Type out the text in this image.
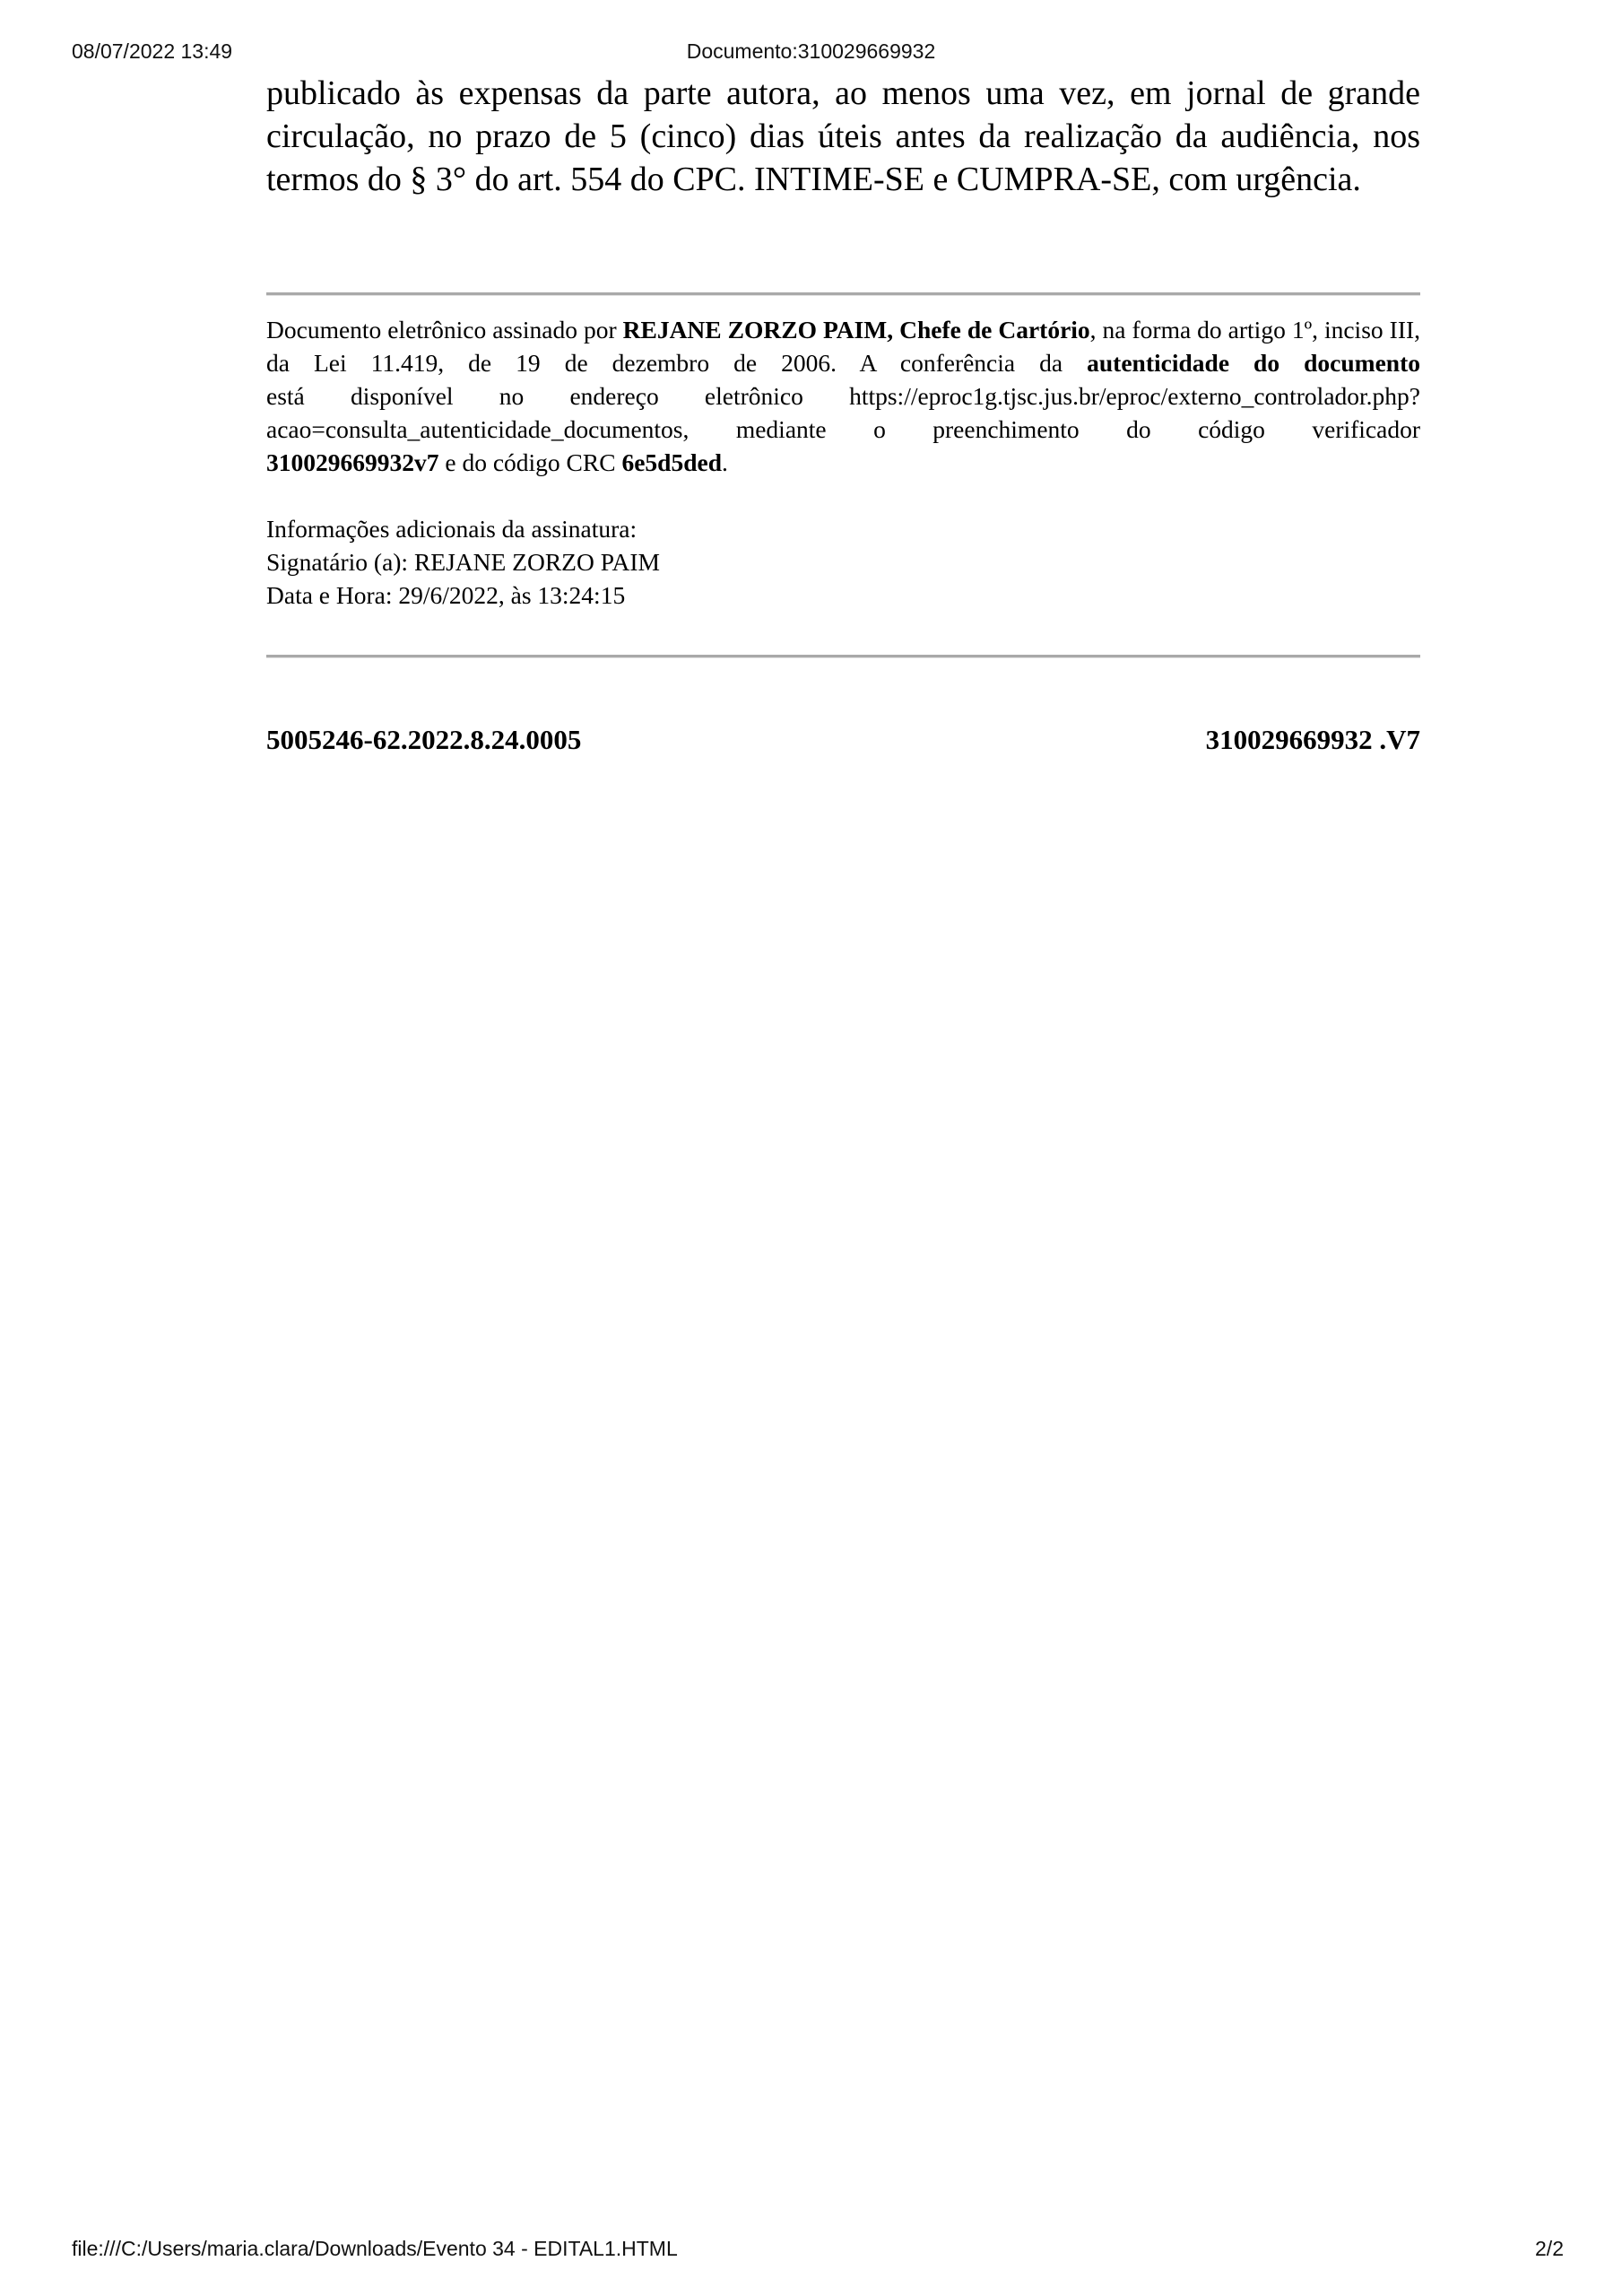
08/07/2022 13:49	Documento:310029669932

publicado às expensas da parte autora, ao menos uma vez, em jornal de grande circulação, no prazo de 5 (cinco) dias úteis antes da realização da audiência, nos termos do § 3° do art. 554 do CPC. INTIME-SE e CUMPRA-SE, com urgência.

Documento eletrônico assinado por REJANE ZORZO PAIM, Chefe de Cartório, na forma do artigo 1º, inciso III, da Lei 11.419, de 19 de dezembro de 2006. A conferência da autenticidade do documento
está disponível no endereço eletrônico https://eproc1g.tjsc.jus.br/eproc/externo_controlador.php? acao=consulta_autenticidade_documentos, mediante o preenchimento do código verificador
310029669932v7 e do código CRC 6e5d5ded.
Informações adicionais da assinatura:
Signatário (a): REJANE ZORZO PAIM
Data e Hora: 29/6/2022, às 13:24:15
5005246-62.2022.8.24.0005	310029669932 .V7
file:///C:/Users/maria.clara/Downloads/Evento 34 - EDITAL1.HTML	2/2
